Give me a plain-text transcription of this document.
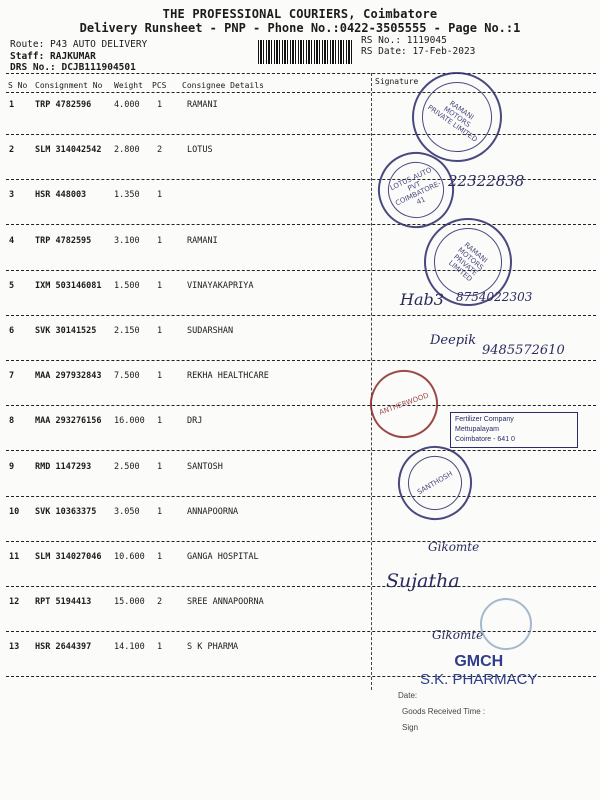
THE PROFESSIONAL COURIERS, Coimbatore
Delivery Runsheet - PNP - Phone No.:0422-3505555 - Page No.:1
Route: P43 AUTO DELIVERY
Staff: RAJKUMAR
DRS No.: DCJB111904501
RS No.: 1119045
RS Date: 17-Feb-2023
S No Consignment No Weight PCS Consignee Details	Signature
1 TRP 4782596	4.000 1	RAMANI
2 SLM 314042542 2.800 2	LOTUS
3 HSR 448003	1.350 1
4 TRP 4782595	3.100 1	RAMANI
5 IXM 503146081 1.500 1	VINAYAKAPRIYA
6 SVK 30141525 2.150 1	SUDARSHAN
7 MAA 297932843 7.500 1	REKHA HEALTHCARE
8 MAA 293276156 16.000 1	DRJ
9 RMD 1147293	2.500 1	SANTOSH
10 SVK 10363375 3.050 1	ANNAPOORNA
11 SLM 314027046 10.600 1	GANGA HOSPITAL
12 RPT 5194413	15.000 2	SREE ANNAPOORNA
13 HSR 2644397	14.100 1	S K PHARMA
RAMANI MOTORS PRIVATE LIMITED
LOTUS AUTO PVT COIMBATORE-41
22322838
RAMANI MOTORS PRIVATE LIMITED
Hab3 8754022303
Deepik
9485572610
ANTHERWOOD
Fertilizer Company
Mettupalayam
Coimbatore - 641 0
SANTHOSH
Gikomte
Sujatha
Gikomte
GMCH
S.K. PHARMACY
Date:
Goods Received Time :
Sign
